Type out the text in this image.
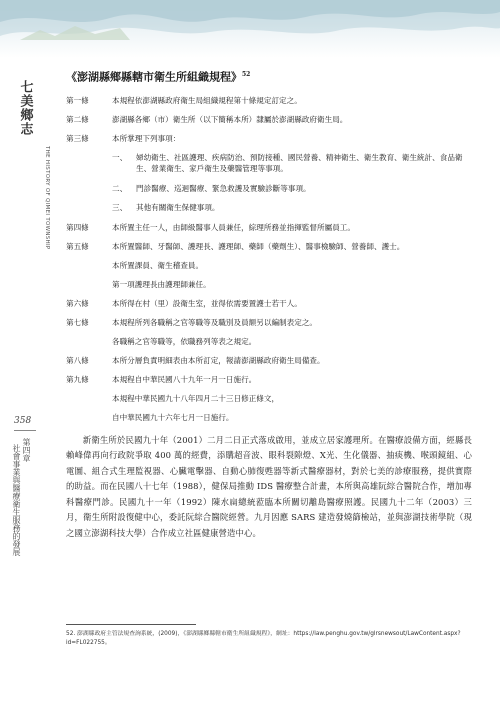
七美鄉志
THE HISTORY OF QIMEI TOWNSHIP
358
第四章
社會事業與醫療衛生服務的發展
《澎湖縣鄉縣轄市衛生所組織規程》$^{52}$
第一條	本規程依澎湖縣政府衛生局組織規程第十條規定訂定之。
第二條	澎湖縣各鄉（市）衛生所（以下簡稱本所）隸屬於澎湖縣政府衛生局。
第三條	本所掌理下列事項：
一、	婦幼衛生、社區護理、疾病防治、預防接種、國民營養、精神衛生、衛生教育、衛生統計、食品衛生、營業衛生、家戶衛生及藥醫管理等事項。
二、	門診醫療、巡迴醫療、緊急救護及實驗診斷等事項。
三、	其他有關衛生保健事項。
第四條	本所置主任一人，由師級醫事人員兼任，綜理所務並指揮監督所屬員工。
第五條	本所置醫師、牙醫師、護理長、護理師、藥師（藥劑生）、醫事檢驗師、營養師、護士。
本所置課員、衛生稽查員。
第一項護理長由護理師兼任。
第六條	本所得在村（里）設衛生室，並得依需要置護士若干人。
第七條	本規程所列各職稱之官等職等及職別及員額另以編制表定之。
各職稱之官等職等，依職務列等表之規定。
第八條	本所分層負責明細表由本所訂定，報請澎湖縣政府衛生局備查。
第九條	本規程自中華民國八十九年一月一日施行。
本規程中華民國九十八年四月二十三日修正條文，
自中華民國九十六年七月一日施行。

新衛生所於民國九十年（2001）二月二日正式落成啟用，並成立居家護理所。在醫療設備方面，經縣長賴峰偉再向行政院爭取 400 萬的經費，添購超音波、眼科裂隙燈、X光、生化儀器、抽痰機、喉頭鏡組、心電圖、組合式生理監視器、心臟電擊器、自動心肺復甦器等新式醫療器材，對於七美的診療服務，提供實際的助益。而在民國八十七年（1988），健保局推動 IDS 醫療整合計畫，本所與高雄阮綜合醫院合作，增加專科醫療門診。民國九十一年（1992）陳水扁總統蒞臨本所關切離島醫療照護。民國九十二年（2003）三月，衛生所附設復健中心，委託阮綜合醫院經營。九月因應 SARS 建造發燒篩檢站，並與澎湖技術學院（現之國立澎湖科技大學）合作成立社區健康營造中心。

52. 澎湖縣政府主管法規查詢系統，(2009)，《澎湖縣鄉縣轄市衛生所組織規程》，網址：https://law.penghu.gov.tw/glrsnewsout/LawContent.aspx?id=FL022755。
